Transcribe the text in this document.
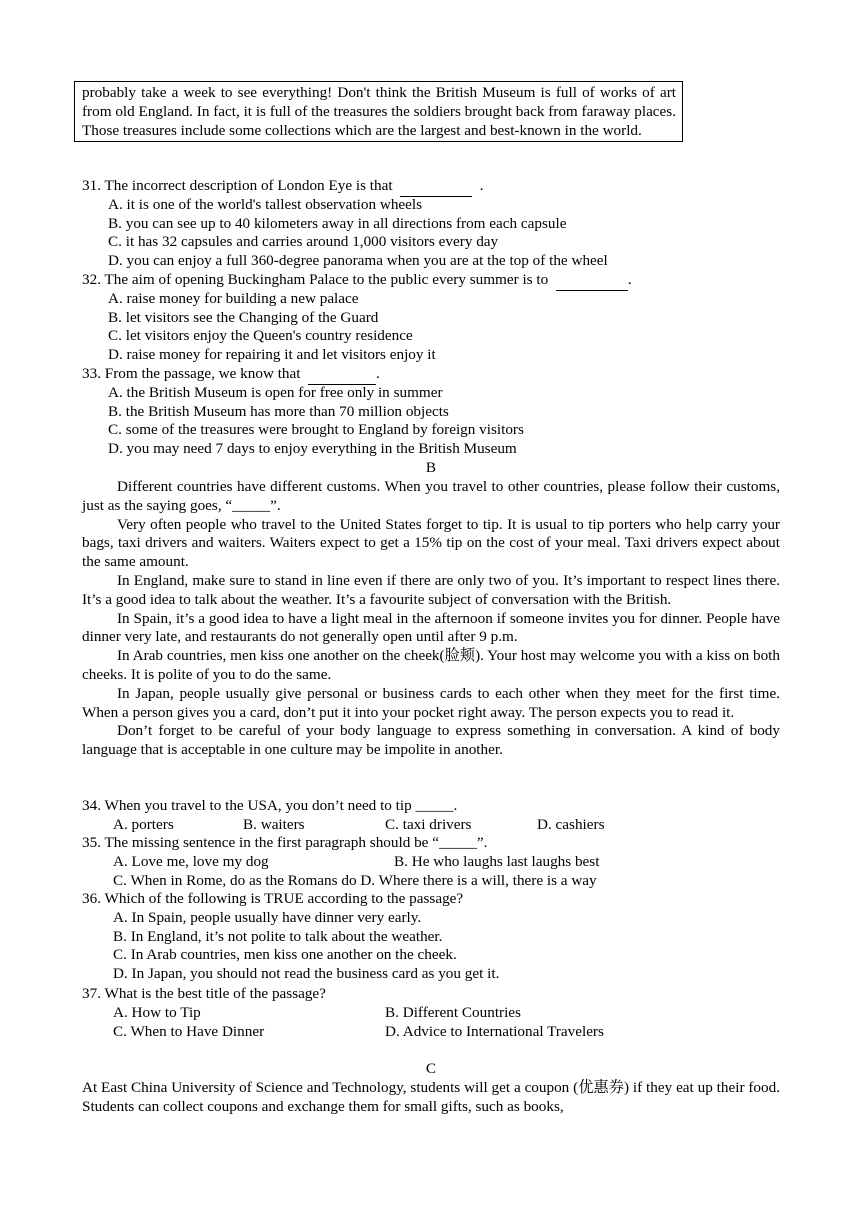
probably take a week to see everything! Don't think the British Museum is full of works of art from old England. In fact, it is full of the treasures the soldiers brought back from faraway places. Those treasures include some collections which are the largest and best-known in the world.
31. The incorrect description of London Eye is that	.
A. it is one of the world's tallest observation wheels
B. you can see up to 40 kilometers away in all directions from each capsule
C. it has 32 capsules and carries around 1,000 visitors every day
D. you can enjoy a full 360-degree panorama when you are at the top of the wheel
32. The aim of opening Buckingham Palace to the public every summer is to	.
A. raise money for building a new palace
B. let visitors see the Changing of the Guard
C. let visitors enjoy the Queen's country residence
D. raise money for repairing it and let visitors enjoy it
33. From the passage, we know that	.
A. the British Museum is open for free only in summer
B. the British Museum has more than 70 million objects
C. some of the treasures were brought to England by foreign visitors
D. you may need 7 days to enjoy everything in the British Museum
B
Different countries have different customs. When you travel to other countries, please follow their customs, just as the saying goes, “_____”.
Very often people who travel to the United States forget to tip. It is usual to tip porters who help carry your bags, taxi drivers and waiters. Waiters expect to get a 15% tip on the cost of your meal. Taxi drivers expect about the same amount.
In England, make sure to stand in line even if there are only two of you. It’s important to respect lines there. It’s a good idea to talk about the weather. It’s a favourite subject of conversation with the British.
In Spain, it’s a good idea to have a light meal in the afternoon if someone invites you for dinner. People have dinner very late, and restaurants do not generally open until after 9 p.m.
In Arab countries, men kiss one another on the cheek(脸颊). Your host may welcome you with a kiss on both cheeks. It is polite of you to do the same.
In Japan, people usually give personal or business cards to each other when they meet for the first time. When a person gives you a card, don’t put it into your pocket right away. The person expects you to read it.
Don’t forget to be careful of your body language to express something in conversation. A kind of body language that is acceptable in one culture may be impolite in another.
34. When you travel to the USA, you don’t need to tip _____.
A. porters	B. waiters	C. taxi drivers	D. cashiers
35. The missing sentence in the first paragraph should be “_____”.
A. Love me, love my dog	B. He who laughs last laughs best
C. When in Rome, do as the Romans do D. Where there is a will, there is a way
36. Which of the following is TRUE according to the passage?
A. In Spain, people usually have dinner very early.
B. In England, it’s not polite to talk about the weather.
C. In Arab countries, men kiss one another on the cheek.
D. In Japan, you should not read the business card as you get it.
37. What is the best title of the passage?
A. How to Tip	B. Different Countries
C. When to Have Dinner	D. Advice to International Travelers
C
At East China University of Science and Technology, students will get a coupon (优惠券) if they eat up their food. Students can collect coupons and exchange them for small gifts, such as books,
